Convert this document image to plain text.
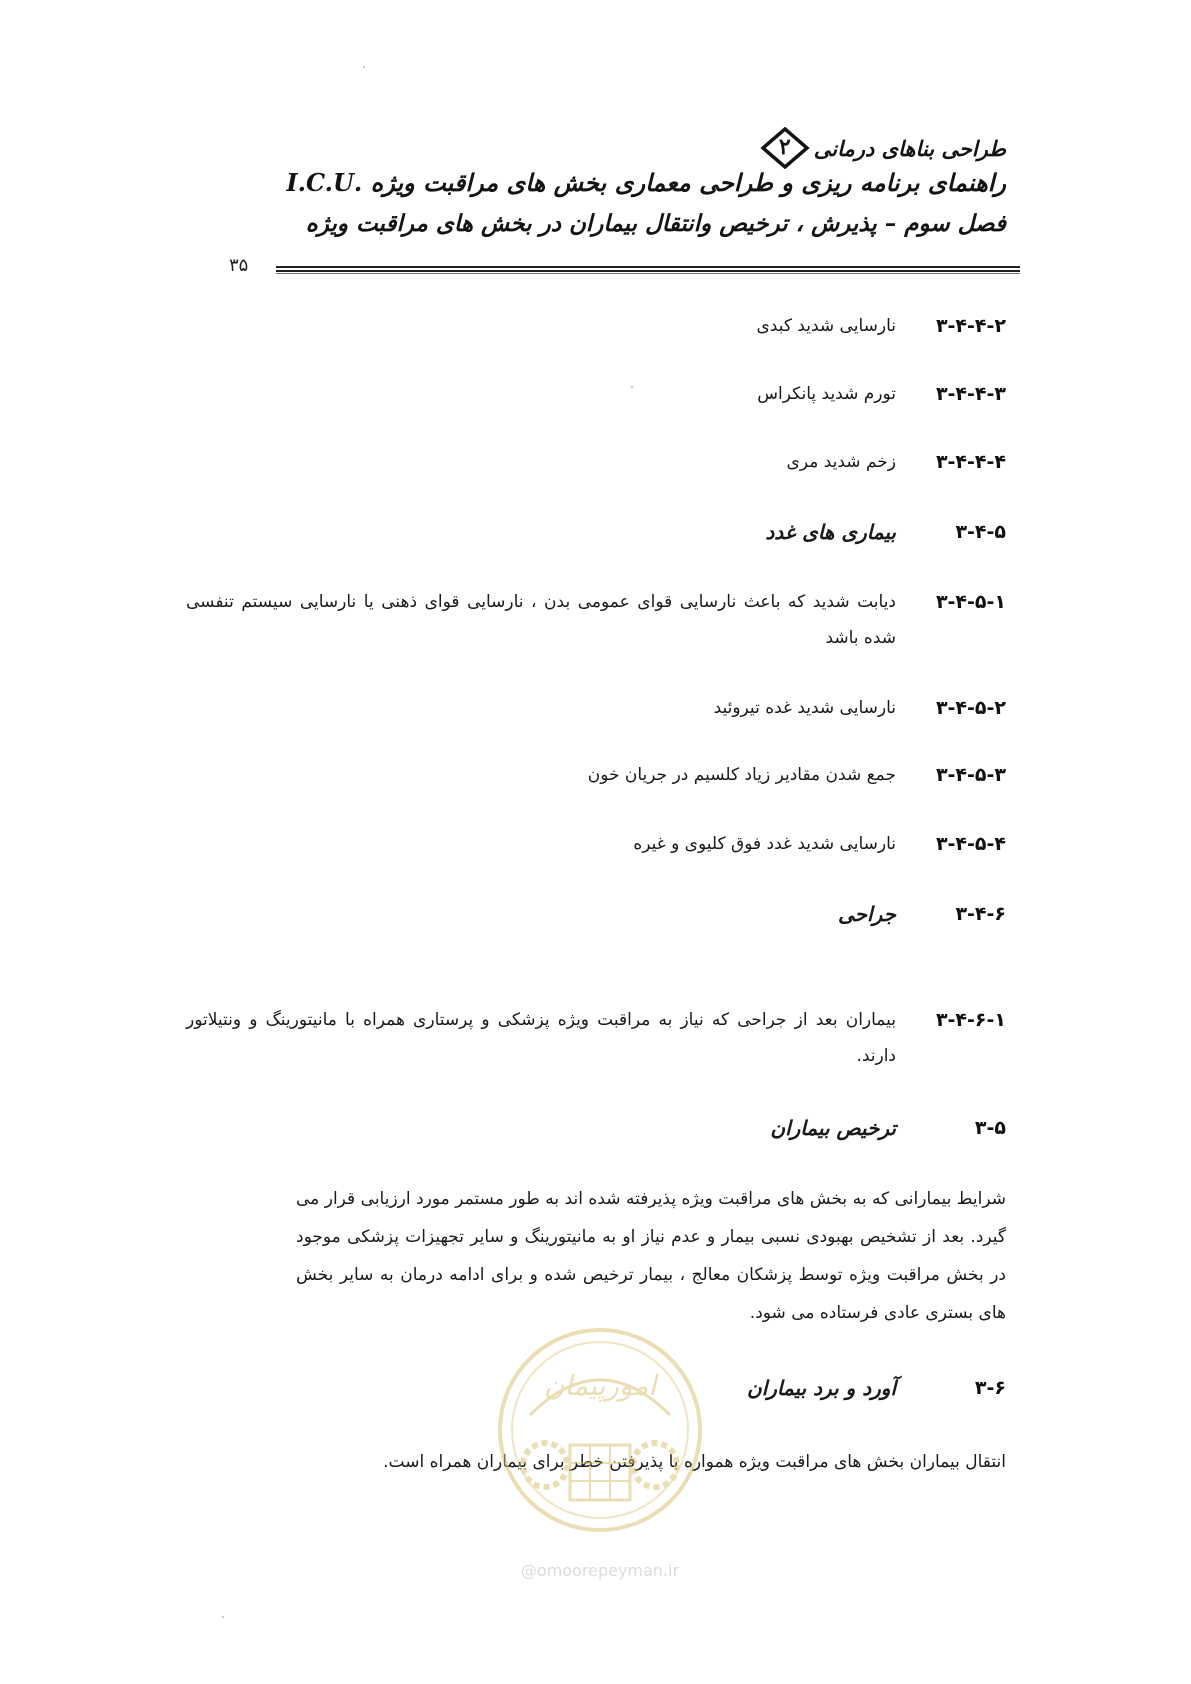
طراحی بناهای درمانی
۲
راهنمای برنامه ریزی و طراحی معماری بخش های مراقبت ویژه .I.C.U
فصل سوم – پذیرش ، ترخیص وانتقال بیماران در بخش های مراقبت ویژه
۳۵
۳-۴-۴-۲
نارسایی شدید کبدی
۳-۴-۴-۳
تورم شدید پانکراس
۳-۴-۴-۴
زخم شدید مری
۳-۴-۵
بیماری های غدد
۳-۴-۵-۱
دیابت شدید که باعث نارسایی قوای عمومی بدن ، نارسایی قوای ذهنی یا نارسایی سیستم تنفسی شده باشد
۳-۴-۵-۲
نارسایی شدید غده تیروئید
۳-۴-۵-۳
جمع شدن مقادیر زیاد کلسیم در جریان خون
۳-۴-۵-۴
نارسایی شدید غدد فوق کلیوی و غیره
۳-۴-۶
جراحی
۳-۴-۶-۱
بیماران بعد از جراحی که نیاز به مراقبت ویژه پزشکی و پرستاری همراه با مانیتورینگ و ونتیلاتور دارند.
۳-۵
ترخیص بیماران
شرایط بیمارانی که به بخش های مراقبت ویژه پذیرفته شده اند به طور مستمر مورد ارزیابی قرار می گیرد. بعد از تشخیص بهبودی نسبی بیمار و عدم نیاز او به مانیتورینگ و سایر تجهیزات پزشکی موجود در بخش مراقبت ویژه توسط پزشکان معالج ، بیمار ترخیص شده و برای ادامه درمان به سایر بخش های بستری عادی فرستاده می شود.
۳-۶
آورد و برد بیماران
انتقال بیماران بخش های مراقبت ویژه همواره با پذیرفتن خطر برای بیماران همراه است.
امورپیمان
@omoorepeyman.ir
